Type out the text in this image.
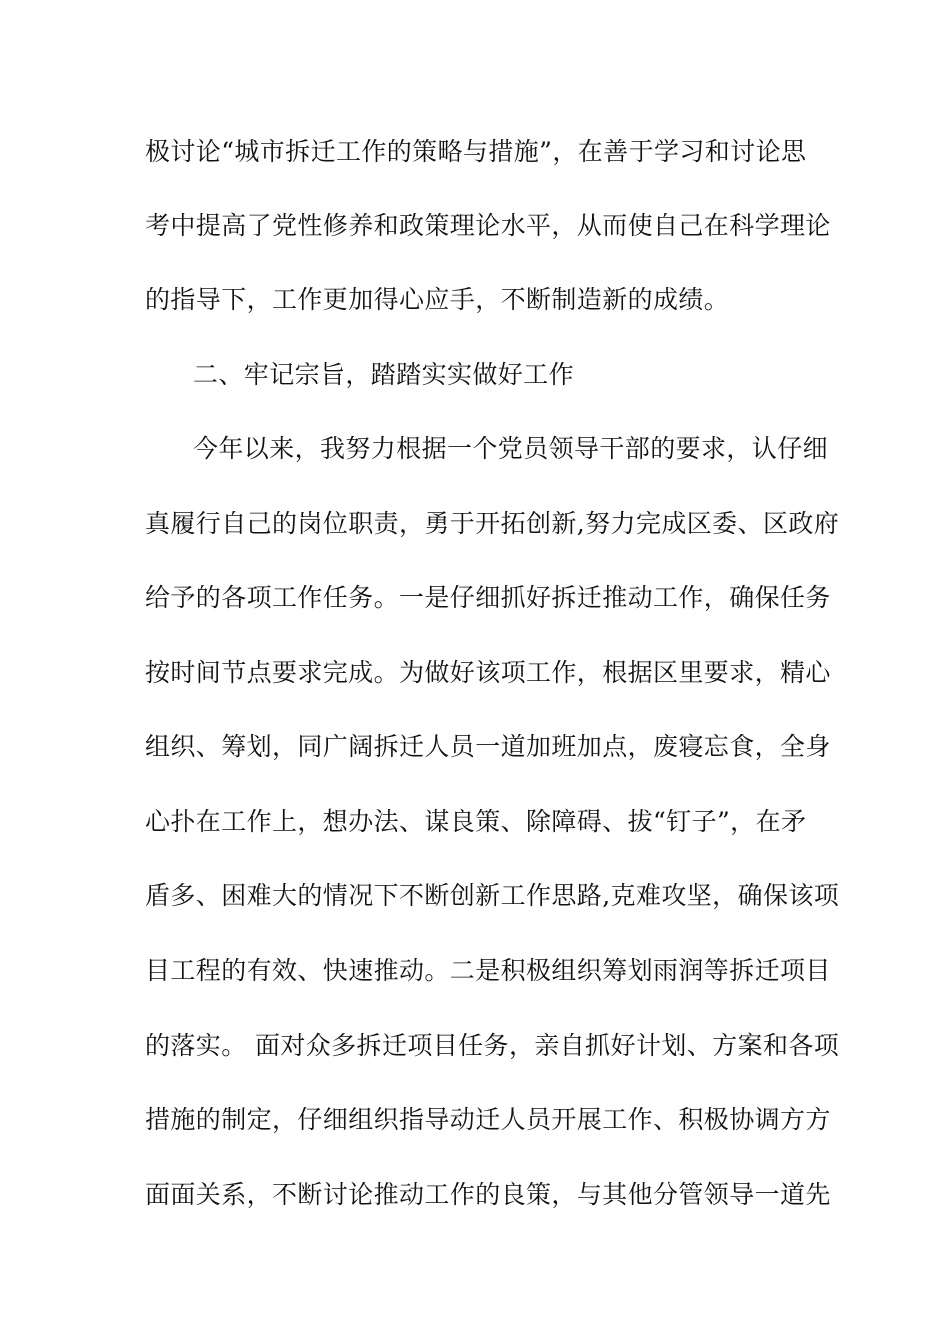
极讨论“城市拆迁工作的策略与措施”，在善于学习和讨论思
考中提高了党性修养和政策理论水平，从而使自己在科学理论
的指导下，工作更加得心应手，不断制造新的成绩。
二、牢记宗旨，踏踏实实做好工作
今年以来，我努力根据一个党员领导干部的要求，认仔细
真履行自己的岗位职责，勇于开拓创新,努力完成区委、区政府
给予的各项工作任务。一是仔细抓好拆迁推动工作，确保任务
按时间节点要求完成。为做好该项工作，根据区里要求，精心
组织、筹划，同广阔拆迁人员一道加班加点，废寝忘食，全身
心扑在工作上，想办法、谋良策、除障碍、拔“钉子”，在矛
盾多、困难大的情况下不断创新工作思路,克难攻坚，确保该项
目工程的有效、快速推动。二是积极组织筹划雨润等拆迁项目
的落实。 面对众多拆迁项目任务，亲自抓好计划、方案和各项
措施的制定，仔细组织指导动迁人员开展工作、积极协调方方
面面关系，不断讨论推动工作的良策，与其他分管领导一道先
